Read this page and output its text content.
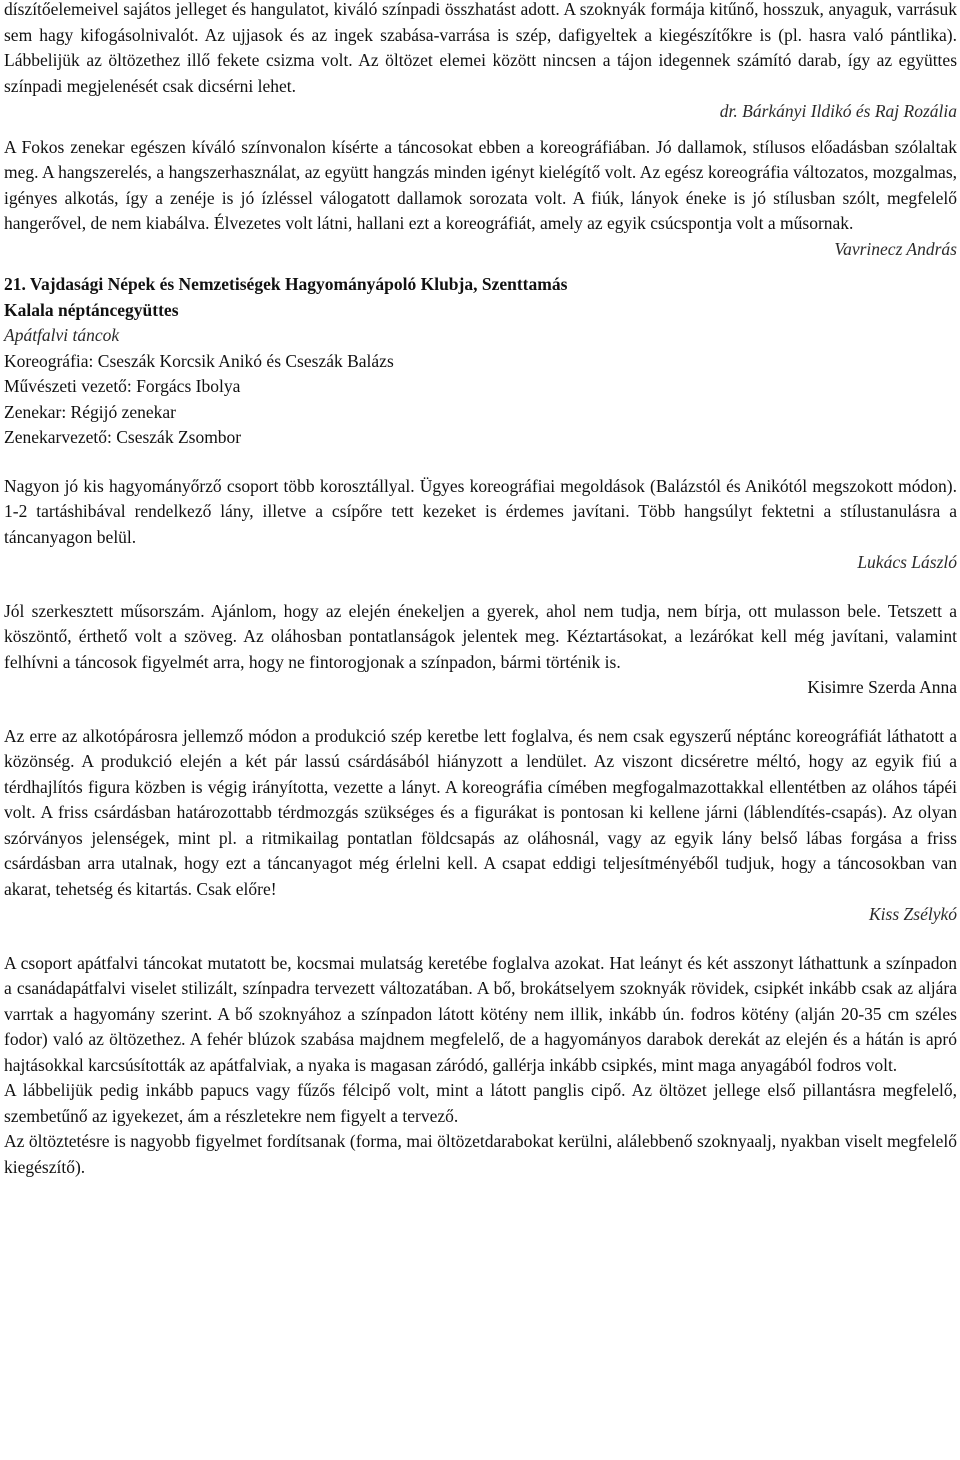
díszítőelemeivel sajátos jelleget és hangulatot, kiváló színpadi összhatást adott. A szoknyák formája kitűnő, hosszuk, anyaguk, varrásuk sem hagy kifogásolnivalót. Az ujjasok és az ingek szabása-varrása is szép, dafigyeltek a kiegészítőkre is (pl. hasra való pántlika). Lábbelijük az öltözethez illő fekete csizma volt. Az öltözet elemei között nincsen a tájon idegennek számító darab, így az együttes színpadi megjelenését csak dicsérni lehet.

dr. Bárkányi Ildikó és Raj Rozália

A Fokos zenekar egészen kíváló színvonalon kísérte a táncosokat ebben a koreográfiában. Jó dallamok, stílusos előadásban szólaltak meg. A hangszerelés, a hangszerhasználat, az együtt hangzás minden igényt kielégítő volt. Az egész koreográfia változatos, mozgalmas, igényes alkotás, így a zenéje is jó ízléssel válogatott dallamok sorozata volt. A fiúk, lányok éneke is jó stílusban szólt, megfelelő hangerővel, de nem kiabálva. Élvezetes volt látni, hallani ezt a koreográfiát, amely az egyik csúcspontja volt a műsornak.

Vavrinecz András

21. Vajdasági Népek és Nemzetiségek Hagyományápoló Klubja, Szenttamás
Kalala néptáncegyüttes
Apátfalvi táncok
Koreográfia: Cseszák Korcsik Anikó és Cseszák Balázs
Művészeti vezető: Forgács Ibolya
Zenekar: Régijó zenekar
Zenekarvezető: Cseszák Zsombor

Nagyon jó kis hagyományőrző csoport több korosztállyal. Ügyes koreográfiai megoldások (Balázstól és Anikótól megszokott módon). 1-2 tartáshibával rendelkező lány, illetve a csípőre tett kezeket is érdemes javítani. Több hangsúlyt fektetni a stílustanulásra a táncanyagon belül.

Lukács László

Jól szerkesztett műsorszám. Ajánlom, hogy az elején énekeljen a gyerek, ahol nem tudja, nem bírja, ott mulasson bele. Tetszett a köszöntő, érthető volt a szöveg. Az oláhosban pontatlanságok jelentek meg. Kéztartásokat, a lezárókat kell még javítani, valamint felhívni a táncosok figyelmét arra, hogy ne fintorogjonak a színpadon, bármi történik is.

Kisimre Szerda Anna

Az erre az alkotópárosra jellemző módon a produkció szép keretbe lett foglalva, és nem csak egyszerű néptánc koreográfiát láthatott a közönség. A produkció elején a két pár lassú csárdásából hiányzott a lendület. Az viszont dicséretre méltó, hogy az egyik fiú a térdhajlítós figura közben is végig irányította, vezette a lányt. A koreográfia címében megfogalmazottakkal ellentétben az oláhos tápéi volt. A friss csárdásban határozottabb térdmozgás szükséges és a figurákat is pontosan ki kellene járni (láblendítés-csapás). Az olyan szórványos jelenségek, mint pl. a ritmikailag pontatlan földcsapás az oláhosnál, vagy az egyik lány belső lábas forgása a friss csárdásban arra utalnak, hogy ezt a táncanyagot még érlelni kell. A csapat eddigi teljesítményéből tudjuk, hogy a táncosokban van akarat, tehetség és kitartás. Csak előre!

Kiss Zsélykó

A csoport apátfalvi táncokat mutatott be, kocsmai mulatság keretébe foglalva azokat. Hat leányt és két asszonyt láthattunk a színpadon a csanádapátfalvi viselet stilizált, színpadra tervezett változatában. A bő, brokátselyem szoknyák rövidek, csipkét inkább csak az aljára varrtak a hagyomány szerint. A bő szoknyához a színpadon látott kötény nem illik, inkább ún. fodros kötény (alján 20-35 cm széles fodor) való az öltözethez. A fehér blúzok szabása majdnem megfelelő, de a hagyományos darabok derekát az elején és a hátán is apró hajtásokkal karcsúsították az apátfalviak, a nyaka is magasan záródó, gallérja inkább csipkés, mint maga anyagából fodros volt.

A lábbelijük pedig inkább papucs vagy fűzős félcipő volt, mint a látott panglis cipő. Az öltözet jellege első pillantásra megfelelő, szembetűnő az igyekezet, ám a részletekre nem figyelt a tervező.

Az öltöztetésre is nagyobb figyelmet fordítsanak (forma, mai öltözetdarabokat kerülni, alálebbenő szoknyaalj, nyakban viselt megfelelő kiegészítő).
